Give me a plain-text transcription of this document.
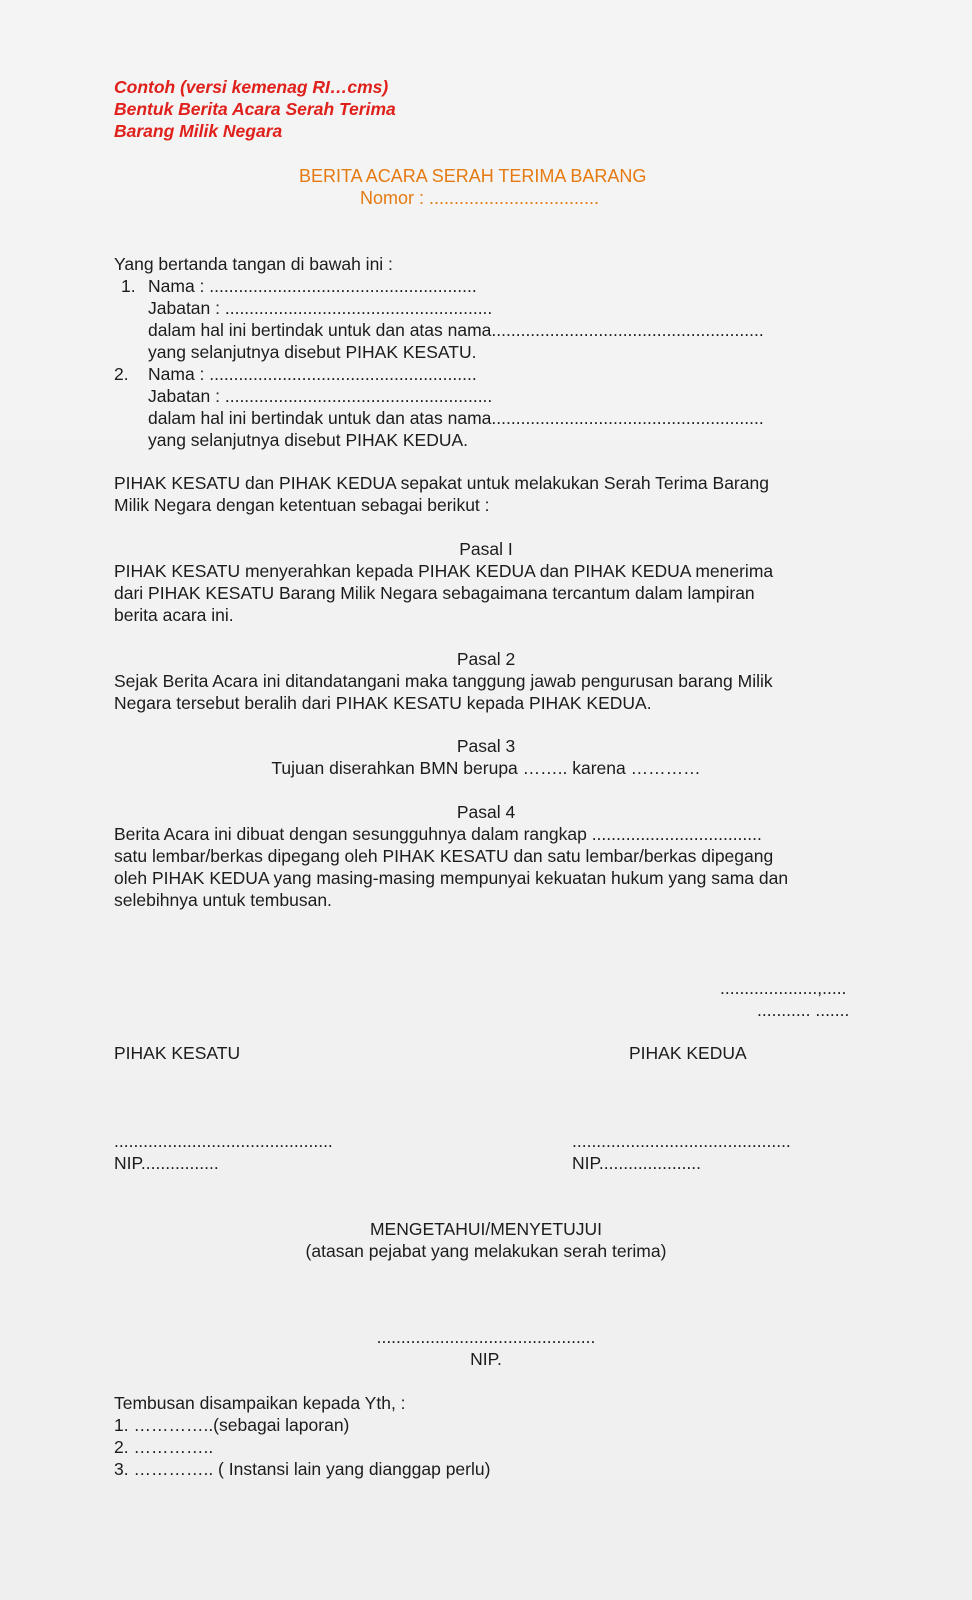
Contoh (versi kemenag RI…cms)
Bentuk Berita Acara Serah Terima
Barang Milik Negara
BERITA ACARA SERAH TERIMA BARANG
Nomor : ..................................
Yang bertanda tangan di bawah ini :
1. Nama : .......................................................
Jabatan : .......................................................
dalam hal ini bertindak untuk dan atas nama........................................................
yang selanjutnya disebut PIHAK KESATU.
2. Nama : .......................................................
Jabatan : .......................................................
dalam hal ini bertindak untuk dan atas nama........................................................
yang selanjutnya disebut PIHAK KEDUA.
PIHAK KESATU dan PIHAK KEDUA sepakat untuk melakukan Serah Terima Barang
Milik Negara dengan ketentuan sebagai berikut :
Pasal I
PIHAK KESATU menyerahkan kepada PIHAK KEDUA dan PIHAK KEDUA menerima
dari PIHAK KESATU Barang Milik Negara sebagaimana tercantum dalam lampiran
berita acara ini.
Pasal 2
Sejak Berita Acara ini ditandatangani maka tanggung jawab pengurusan barang Milik
Negara tersebut beralih dari PIHAK KESATU kepada PIHAK KEDUA.
Pasal 3
Tujuan diserahkan BMN berupa …….. karena …………
Pasal 4
Berita Acara ini dibuat dengan sesungguhnya dalam rangkap ...................................
satu lembar/berkas dipegang oleh PIHAK KESATU dan satu lembar/berkas dipegang
oleh PIHAK KEDUA yang masing-masing mempunyai kekuatan hukum yang sama dan
selebihnya untuk tembusan.
....................,.....
........... .......
PIHAK KESATU	PIHAK KEDUA
.............................................	.............................................
NIP................	NIP.....................
MENGETAHUI/MENYETUJUI
(atasan pejabat yang melakukan serah terima)
.............................................
NIP.
Tembusan disampaikan kepada Yth, :
1. …………..(sebagai laporan)
2. …………..
3. ………….. ( Instansi lain yang dianggap perlu)
